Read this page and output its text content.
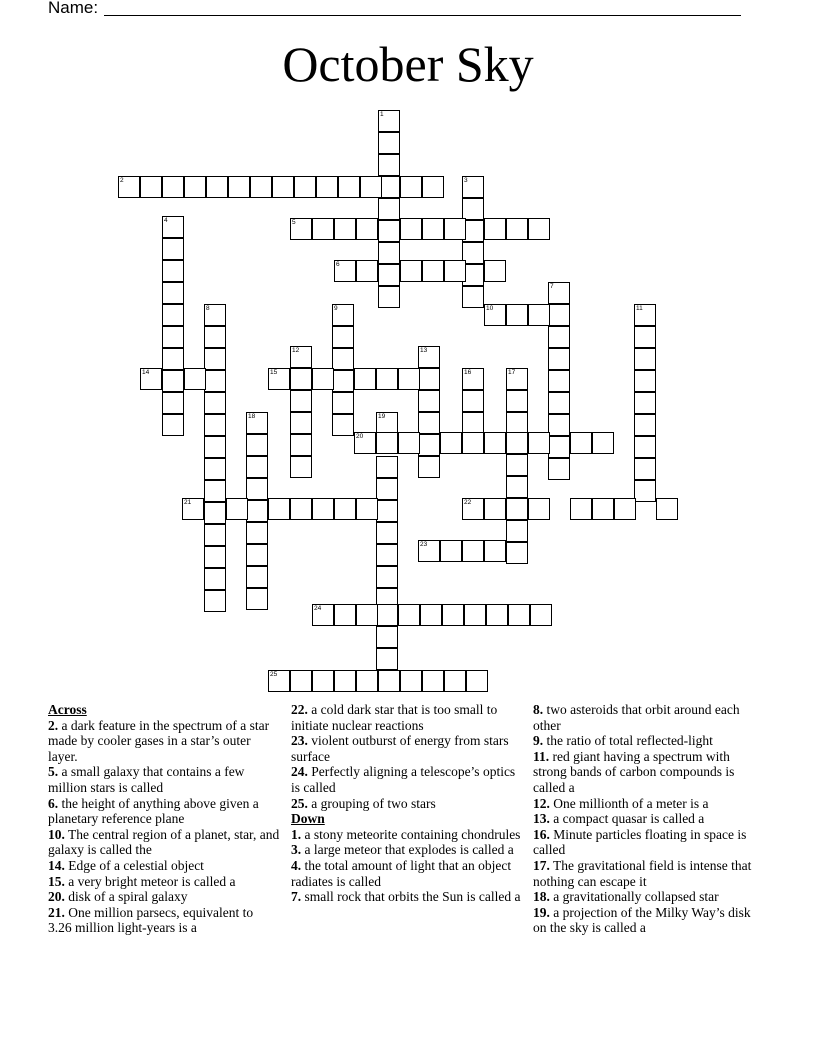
Name:
October Sky
1
2	3
4	5
6
7
8	9	10	11
12	13
14	15	16	17
18	19
20
21	22
23
24
25
Across
2. a dark feature in the spectrum of a star made by cooler gases in a star’s outer layer.
5. a small galaxy that contains a few million stars is called
6. the height of anything above given a planetary reference plane
10. The central region of a planet, star, and galaxy is called the
14. Edge of a celestial object
15. a very bright meteor is called a
20. disk of a spiral galaxy
21. One million parsecs, equivalent to 3.26 million light-years is a
22. a cold dark star that is too small to initiate nuclear reactions
23. violent outburst of energy from stars surface
24. Perfectly aligning a telescope’s optics is called
25. a grouping of two stars
Down
1. a stony meteorite containing chondrules
3. a large meteor that explodes is called a
4. the total amount of light that an object radiates is called
7. small rock that orbits the Sun is called a
8. two asteroids that orbit around each other
9. the ratio of total reflected-light
11. red giant having a spectrum with strong bands of carbon compounds is called a
12. One millionth of a meter is a
13. a compact quasar is called a
16. Minute particles floating in space is called
17. The gravitational field is intense that nothing can escape it
18. a gravitationally collapsed star
19. a projection of the Milky Way’s disk on the sky is called a
